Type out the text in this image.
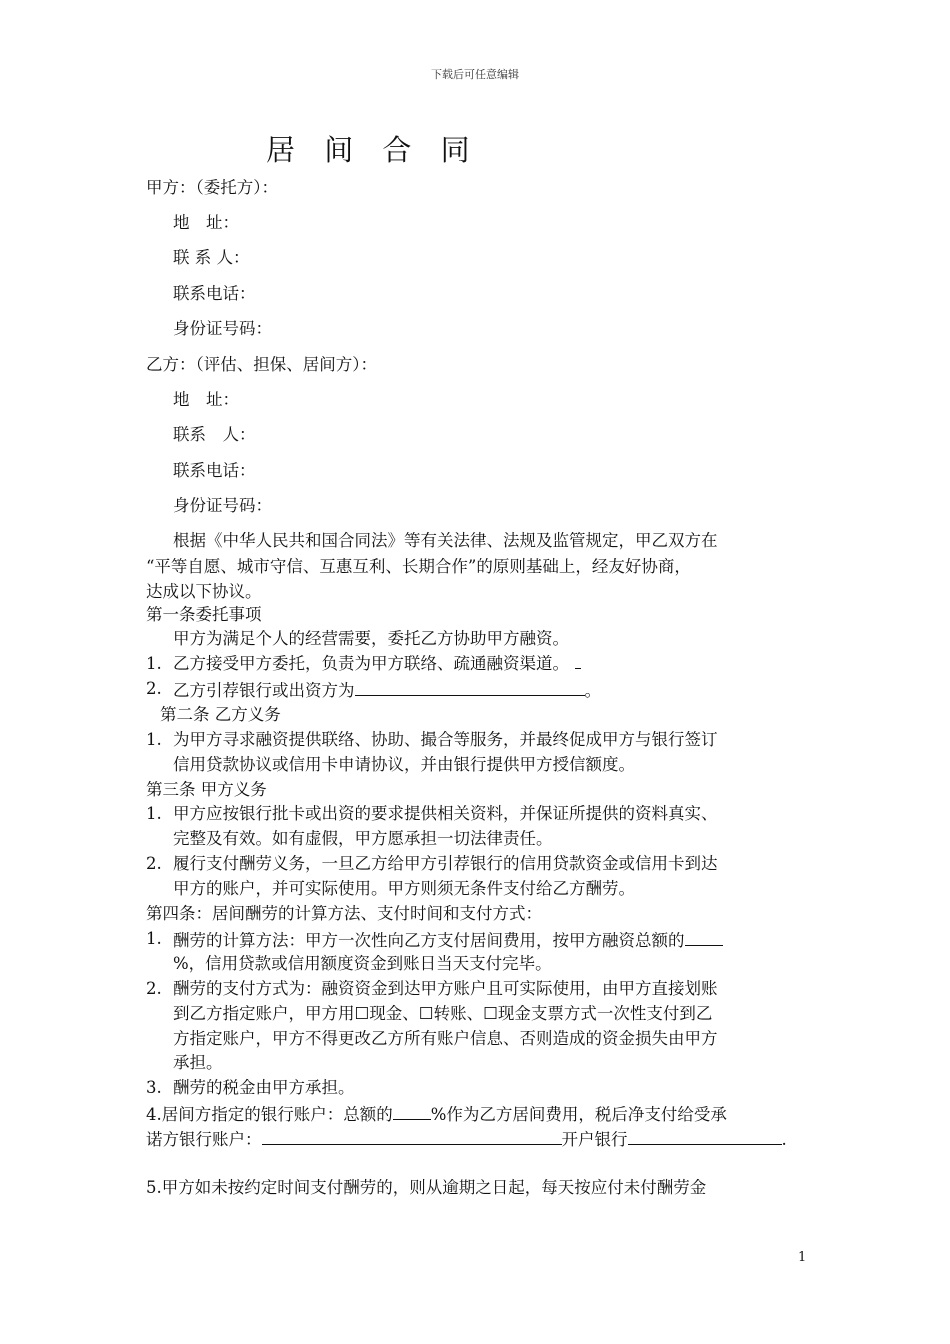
下载后可任意编辑
居 间 合 同
甲方：（委托方）：
地　址：
联 系 人：
联系电话：
身份证号码：
乙方：（评估、担保、居间方）：
地　址：
联系　人：
联系电话：
身份证号码：
根据《中华人民共和国合同法》等有关法律、法规及监管规定，甲乙双方在
“平等自愿、城市守信、互惠互利、长期合作”的原则基础上，经友好协商，
达成以下协议。
第一条委托事项
甲方为满足个人的经营需要，委托乙方协助甲方融资。
1. 乙方接受甲方委托，负责为甲方联络、疏通融资渠道。
2. 乙方引荐银行或出资方为	。
第二条 乙方义务
1. 为甲方寻求融资提供联络、协助、撮合等服务，并最终促成甲方与银行签订
信用贷款协议或信用卡申请协议，并由银行提供甲方授信额度。
第三条 甲方义务
1. 甲方应按银行批卡或出资的要求提供相关资料，并保证所提供的资料真实、
完整及有效。如有虚假，甲方愿承担一切法律责任。
2. 履行支付酬劳义务，一旦乙方给甲方引荐银行的信用贷款资金或信用卡到达
甲方的账户，并可实际使用。甲方则须无条件支付给乙方酬劳。
第四条：居间酬劳的计算方法、支付时间和支付方式：
1. 酬劳的计算方法：甲方一次性向乙方支付居间费用，按甲方融资总额的
%，信用贷款或信用额度资金到账日当天支付完毕。
2. 酬劳的支付方式为：融资资金到达甲方账户且可实际使用，由甲方直接划账
到乙方指定账户，甲方用☐现金、☐转账、☐现金支票方式一次性支付到乙
方指定账户，甲方不得更改乙方所有账户信息、否则造成的资金损失由甲方
承担。
3. 酬劳的税金由甲方承担。
4.居间方指定的银行账户：总额的 %作为乙方居间费用，税后净支付给受承
诺方银行账户：	开户银行	.
5.甲方如未按约定时间支付酬劳的，则从逾期之日起，每天按应付未付酬劳金
1
